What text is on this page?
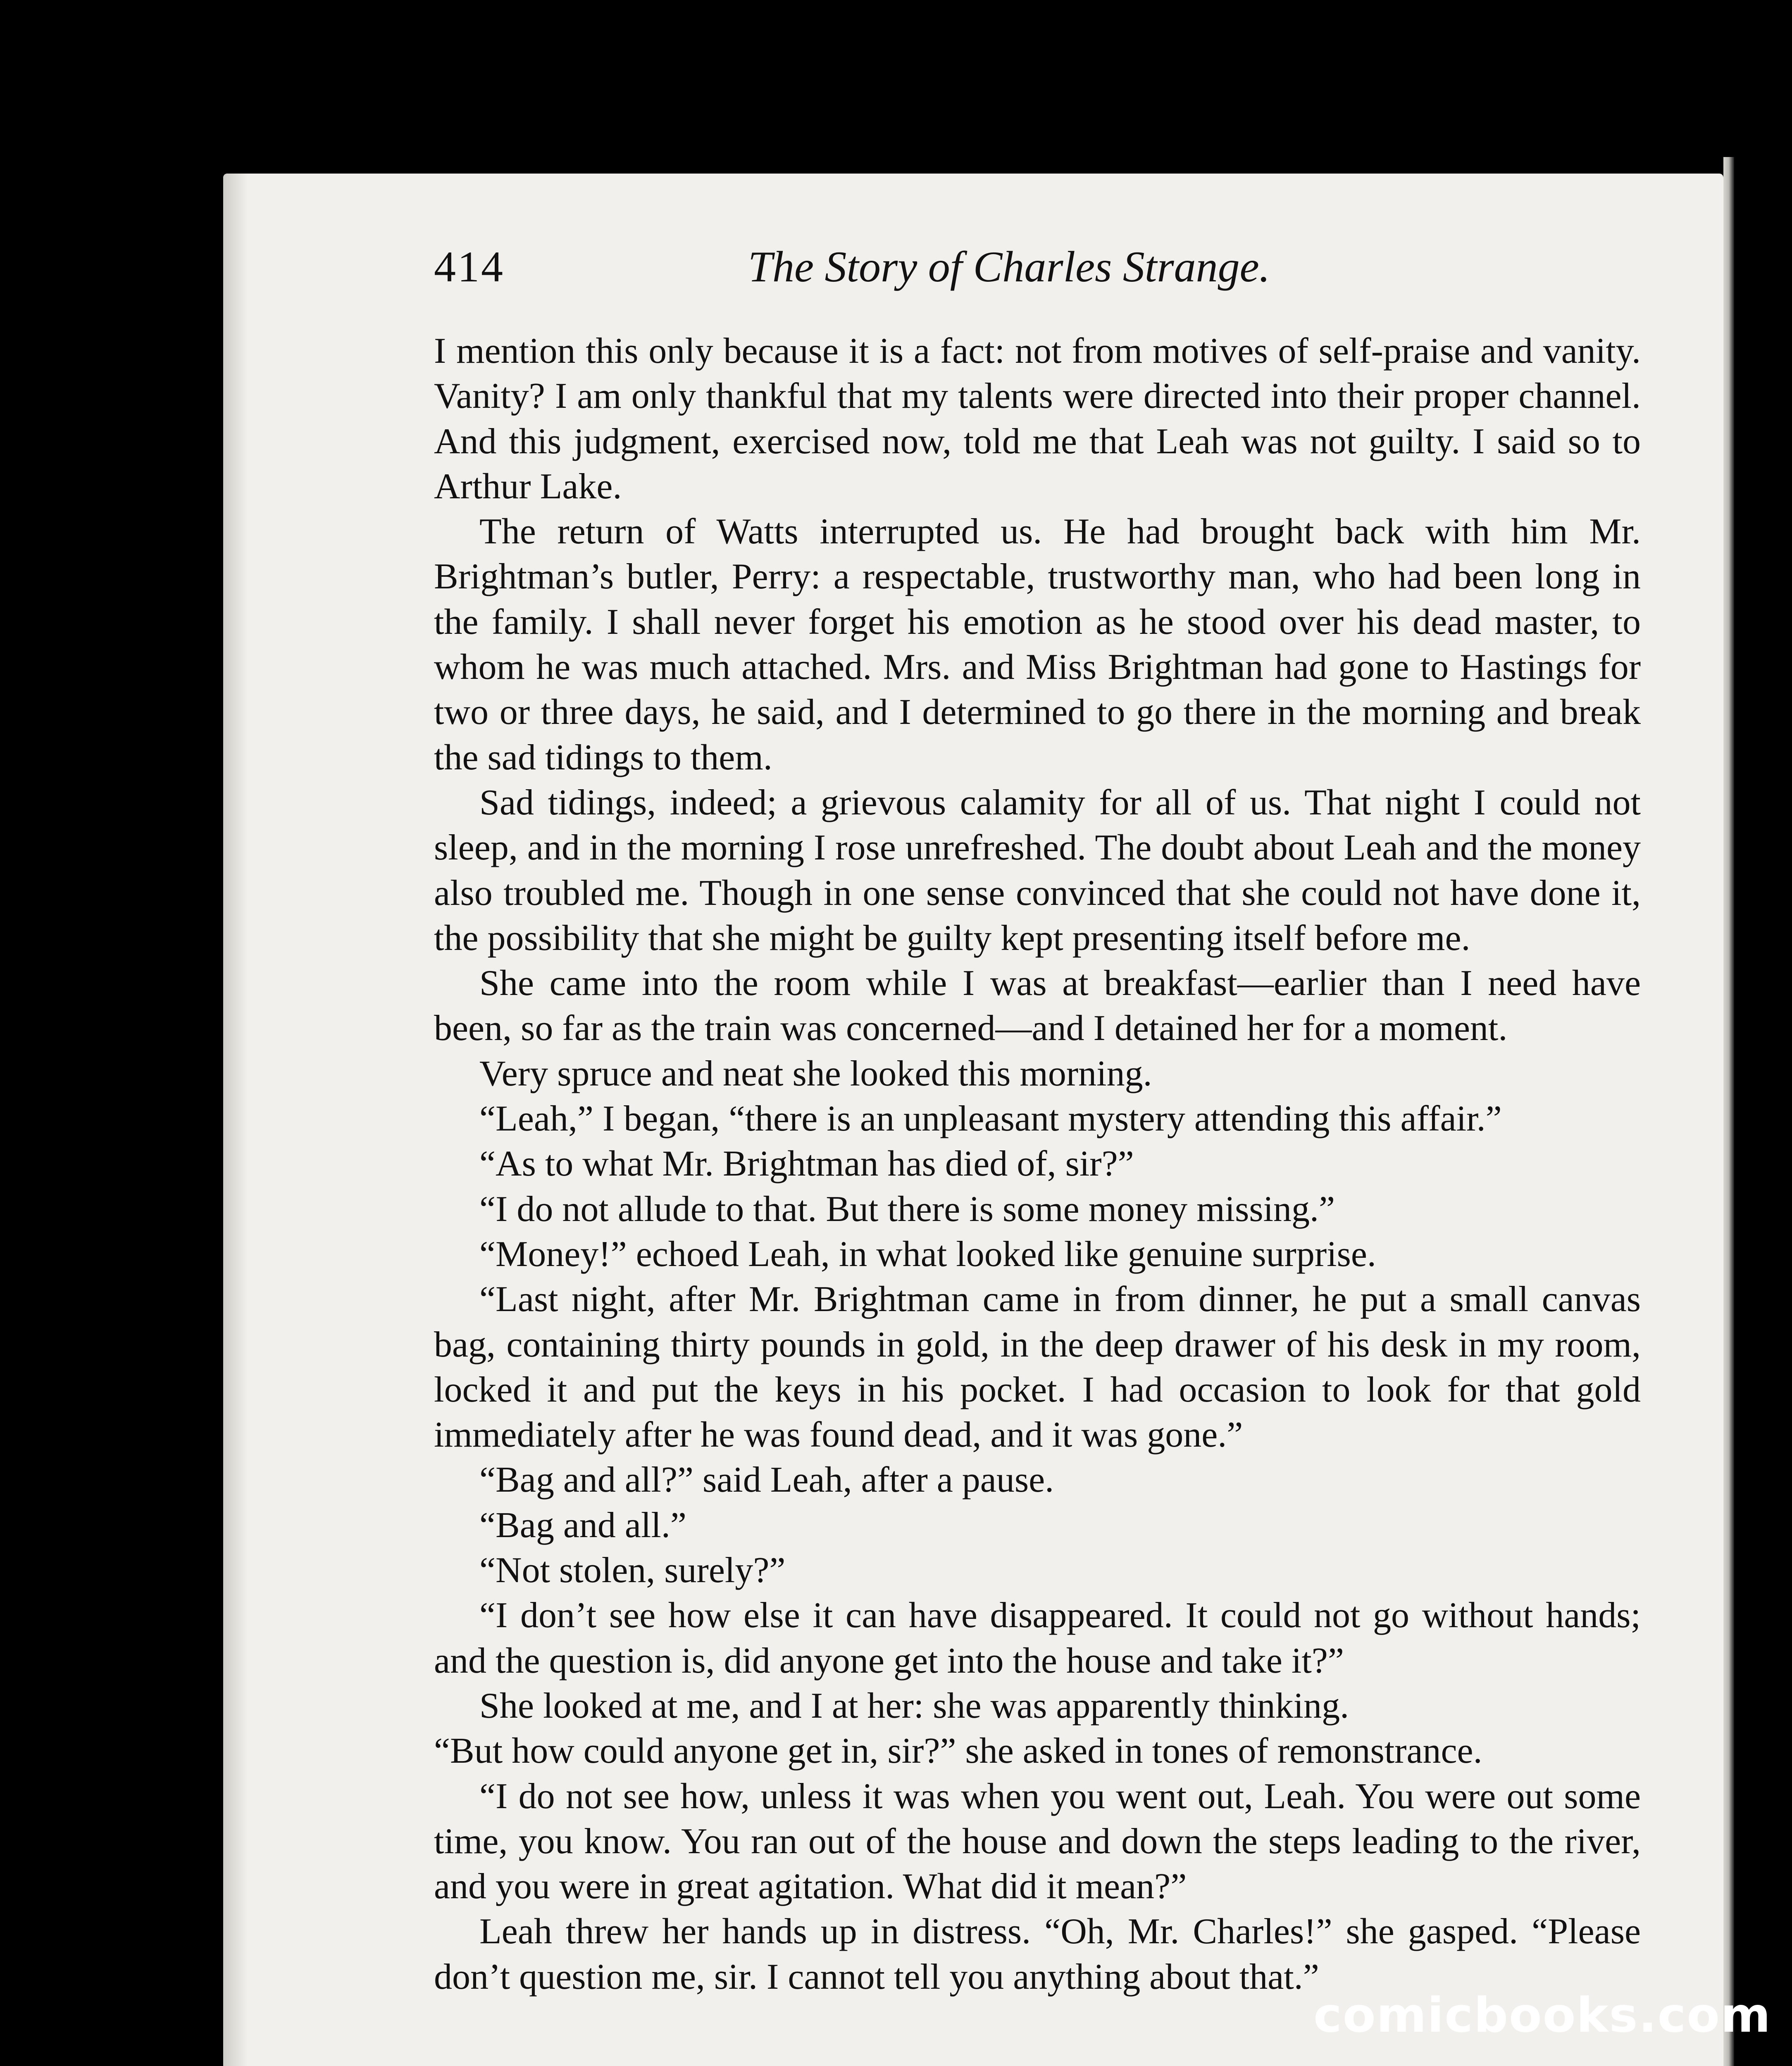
414	The Story of Charles Strange.

I mention this only because it is a fact: not from motives of self-praise and vanity. Vanity? I am only thankful that my talents were directed into their proper channel. And this judgment, exercised now, told me that Leah was not guilty. I said so to Arthur Lake.

The return of Watts interrupted us. He had brought back with him Mr. Brightman’s butler, Perry: a respectable, trustworthy man, who had been long in the family. I shall never forget his emotion as he stood over his dead master, to whom he was much attached. Mrs. and Miss Brightman had gone to Hastings for two or three days, he said, and I determined to go there in the morning and break the sad tidings to them.

Sad tidings, indeed; a grievous calamity for all of us. That night I could not sleep, and in the morning I rose unrefreshed. The doubt about Leah and the money also troubled me. Though in one sense convinced that she could not have done it, the possibility that she might be guilty kept presenting itself before me.

She came into the room while I was at breakfast—earlier than I need have been, so far as the train was concerned—and I detained her for a moment.

Very spruce and neat she looked this morning.

“Leah,” I began, “there is an unpleasant mystery attending this affair.”

“As to what Mr. Brightman has died of, sir?”

“I do not allude to that. But there is some money missing.”

“Money!” echoed Leah, in what looked like genuine surprise.

“Last night, after Mr. Brightman came in from dinner, he put a small canvas bag, containing thirty pounds in gold, in the deep drawer of his desk in my room, locked it and put the keys in his pocket. I had occasion to look for that gold immediately after he was found dead, and it was gone.”

“Bag and all?” said Leah, after a pause.

“Bag and all.”

“Not stolen, surely?”

“I don’t see how else it can have disappeared. It could not go without hands; and the question is, did anyone get into the house and take it?”

She looked at me, and I at her: she was apparently thinking.

“But how could anyone get in, sir?” she asked in tones of remonstrance.

“I do not see how, unless it was when you went out, Leah. You were out some time, you know. You ran out of the house and down the steps leading to the river, and you were in great agitation. What did it mean?”

Leah threw her hands up in distress. “Oh, Mr. Charles!” she gasped. “Please don’t question me, sir. I cannot tell you anything about that.”

comicbooks.com
